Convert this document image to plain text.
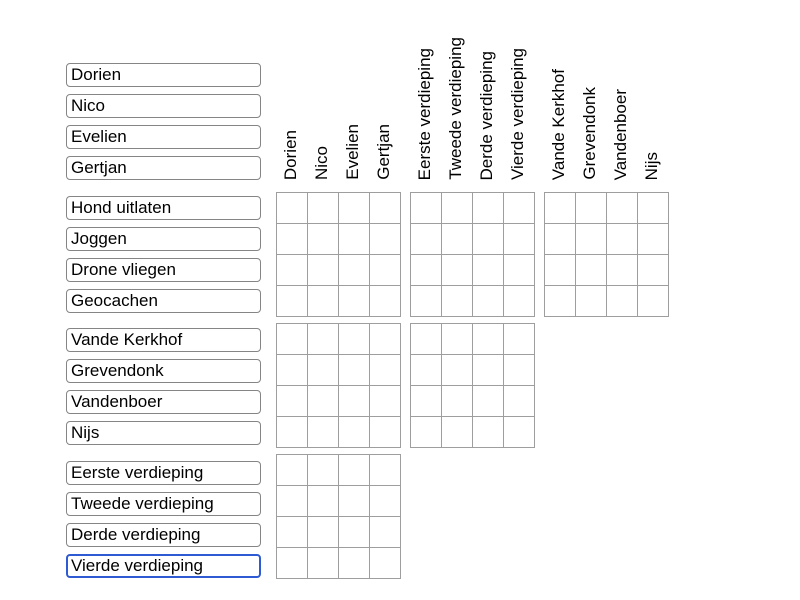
Dorien Nico Evelien Gertjan Eerste verdieping Tweede verdieping Derde verdieping Vierde verdieping Vande Kerkhof Grevendonk Vandenboer Nijs
Dorien
Nico
Evelien
Gertjan
Hond uitlaten
Joggen
Drone vliegen
Geocachen
Vande Kerkhof
Grevendonk
Vandenboer
Nijs
Eerste verdieping
Tweede verdieping
Derde verdieping
Vierde verdieping
